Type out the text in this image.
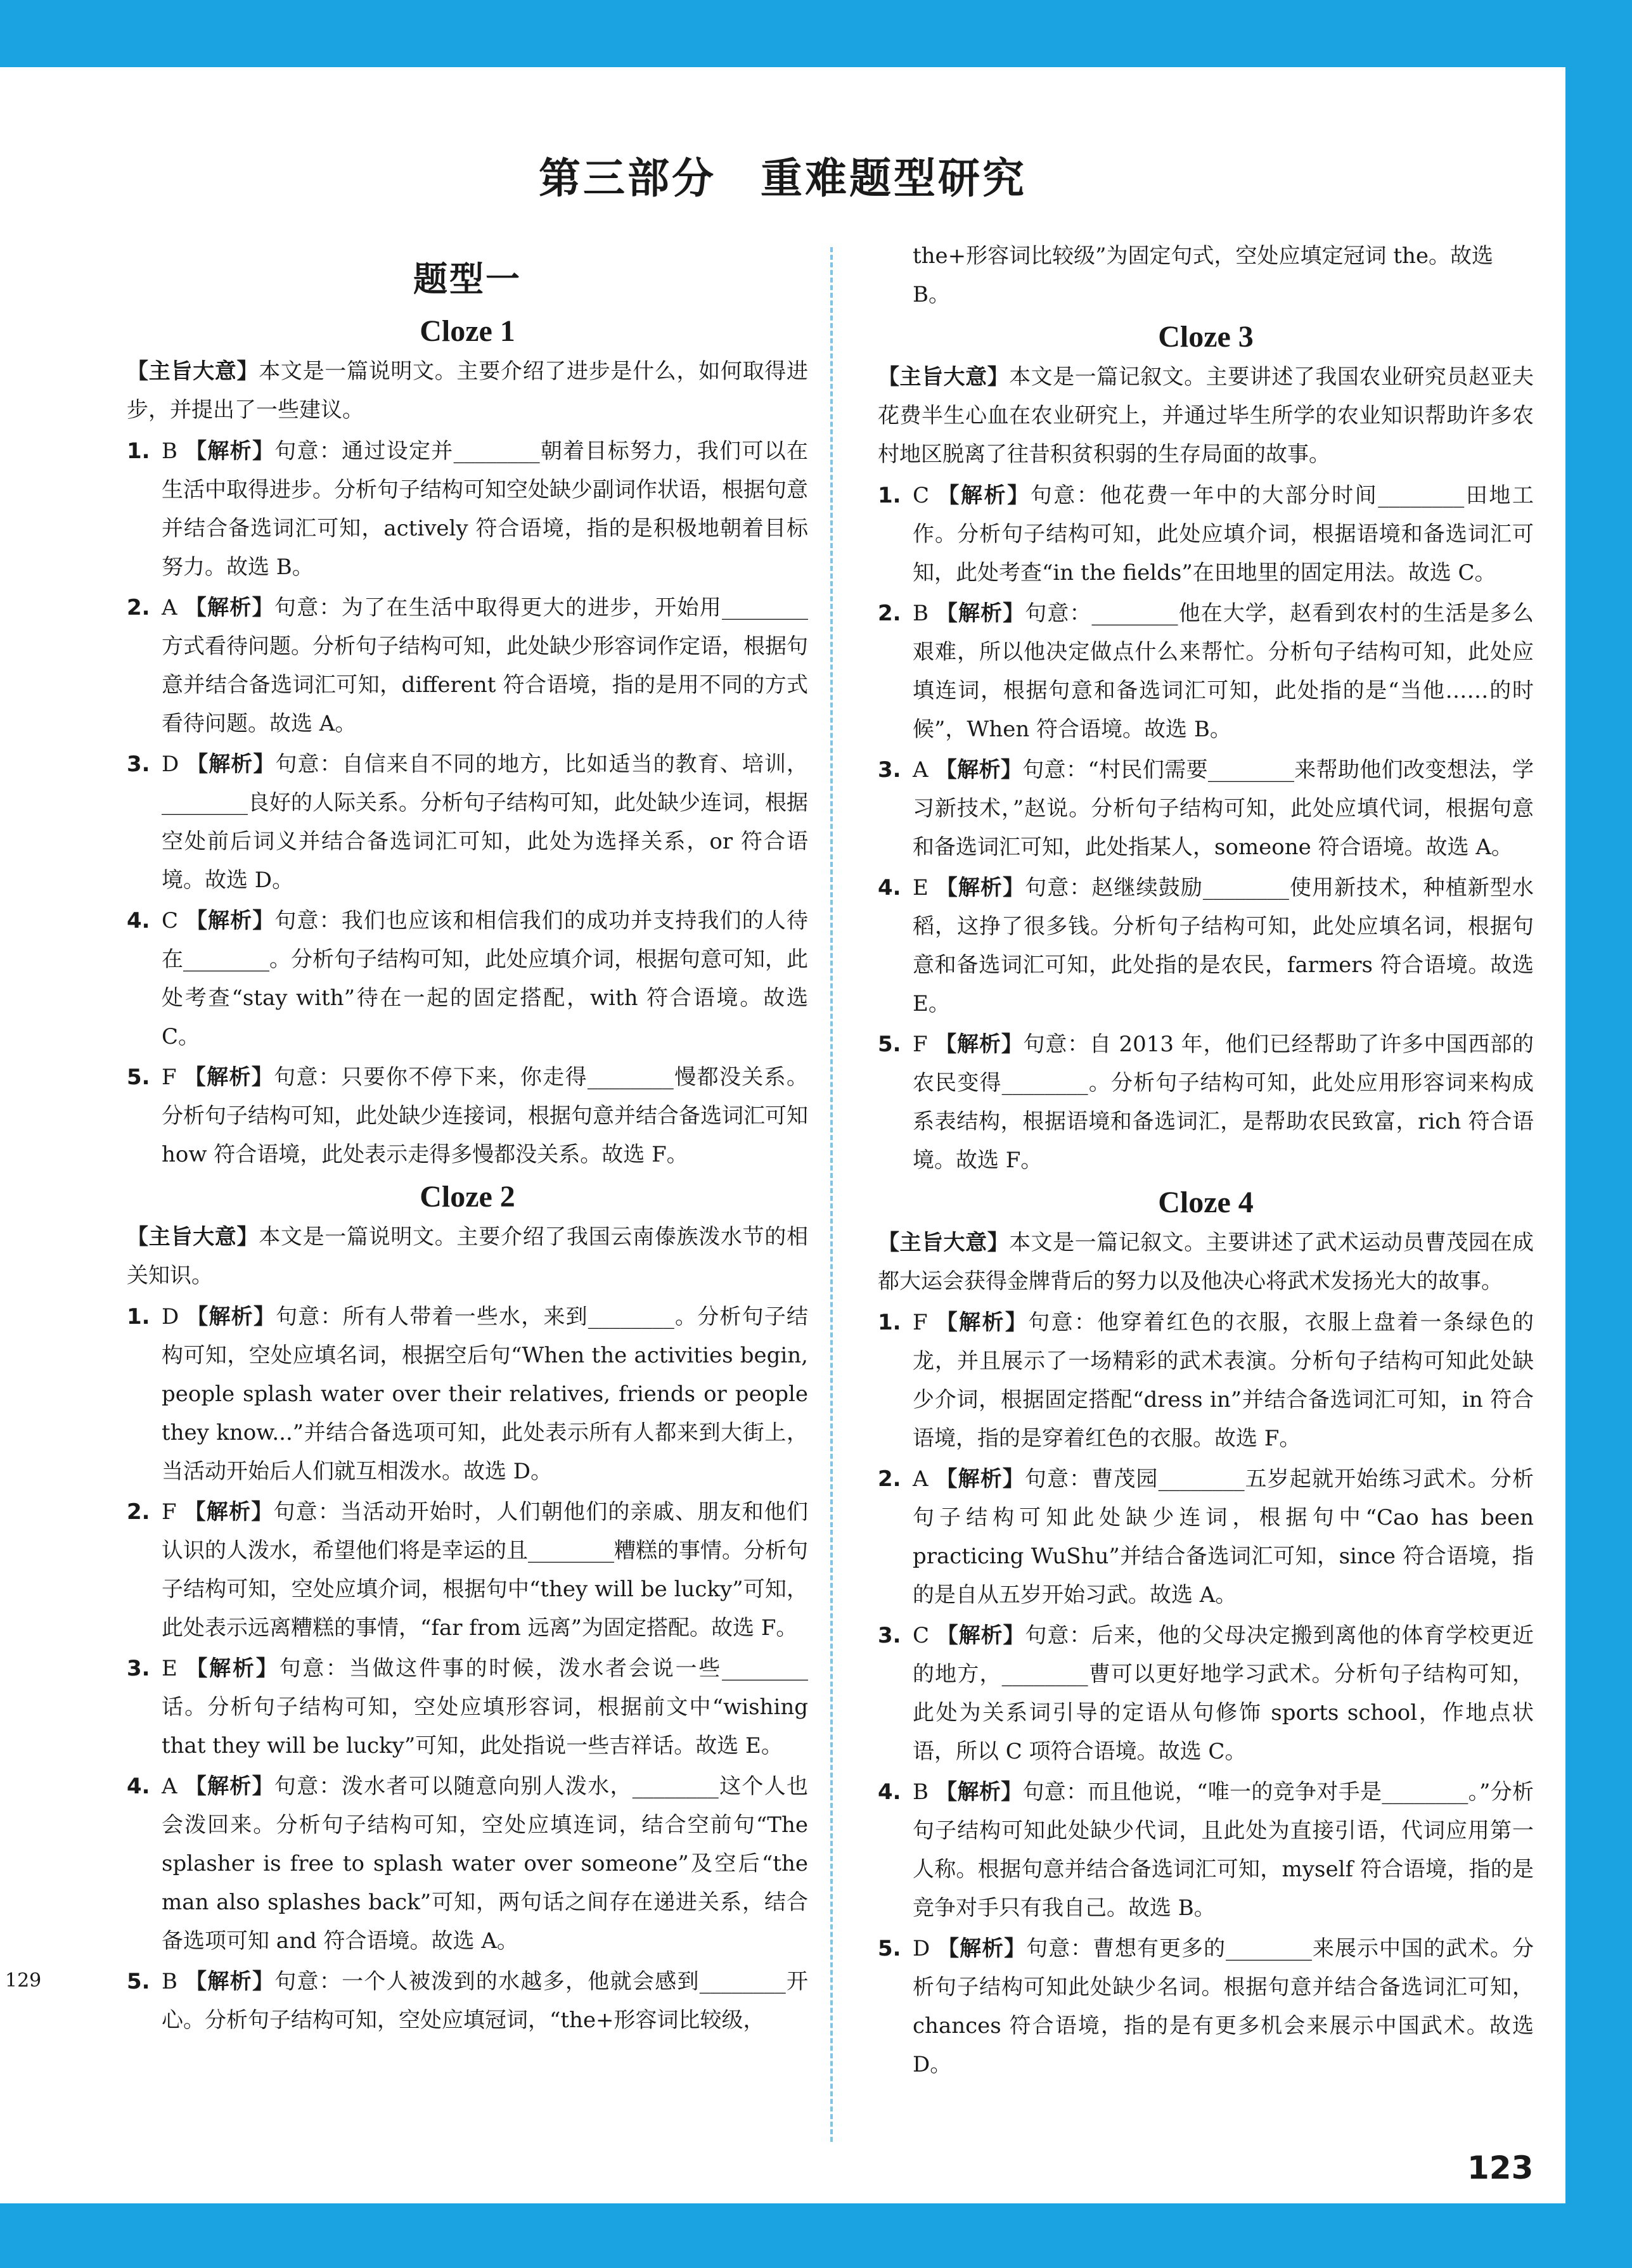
第三部分　重难题型研究
题型一
Cloze 1
【主旨大意】本文是一篇说明文。主要介绍了进步是什么，如何取得进步，并提出了一些建议。
1. B 【解析】句意：通过设定并________朝着目标努力，我们可以在生活中取得进步。分析句子结构可知空处缺少副词作状语，根据句意并结合备选词汇可知，actively 符合语境，指的是积极地朝着目标努力。故选 B。
2. A 【解析】句意：为了在生活中取得更大的进步，开始用________方式看待问题。分析句子结构可知，此处缺少形容词作定语，根据句意并结合备选词汇可知，different 符合语境，指的是用不同的方式看待问题。故选 A。
3. D 【解析】句意：自信来自不同的地方，比如适当的教育、培训，________良好的人际关系。分析句子结构可知，此处缺少连词，根据空处前后词义并结合备选词汇可知，此处为选择关系，or 符合语境。故选 D。
4. C 【解析】句意：我们也应该和相信我们的成功并支持我们的人待在________。分析句子结构可知，此处应填介词，根据句意可知，此处考查“stay with”待在一起的固定搭配，with 符合语境。故选 C。
5. F 【解析】句意：只要你不停下来，你走得________慢都没关系。分析句子结构可知，此处缺少连接词，根据句意并结合备选词汇可知 how 符合语境，此处表示走得多慢都没关系。故选 F。
Cloze 2
【主旨大意】本文是一篇说明文。主要介绍了我国云南傣族泼水节的相关知识。
1. D 【解析】句意：所有人带着一些水，来到________。分析句子结构可知，空处应填名词，根据空后句“When the activities begin, people splash water over their relatives, friends or people they know...”并结合备选项可知，此处表示所有人都来到大街上，当活动开始后人们就互相泼水。故选 D。
2. F 【解析】句意：当活动开始时，人们朝他们的亲戚、朋友和他们认识的人泼水，希望他们将是幸运的且________糟糕的事情。分析句子结构可知，空处应填介词，根据句中“they will be lucky”可知，此处表示远离糟糕的事情，“far from 远离”为固定搭配。故选 F。
3. E 【解析】句意：当做这件事的时候，泼水者会说一些________话。分析句子结构可知，空处应填形容词，根据前文中“wishing that they will be lucky”可知，此处指说一些吉祥话。故选 E。
4. A 【解析】句意：泼水者可以随意向别人泼水，________这个人也会泼回来。分析句子结构可知，空处应填连词，结合空前句“The splasher is free to splash water over someone”及空后“the man also splashes back”可知，两句话之间存在递进关系，结合备选项可知 and 符合语境。故选 A。
5. B 【解析】句意：一个人被泼到的水越多，他就会感到________开心。分析句子结构可知，空处应填冠词，“the+形容词比较级，
the+形容词比较级”为固定句式，空处应填定冠词 the。故选 B。
Cloze 3
【主旨大意】本文是一篇记叙文。主要讲述了我国农业研究员赵亚夫花费半生心血在农业研究上，并通过毕生所学的农业知识帮助许多农村地区脱离了往昔积贫积弱的生存局面的故事。
1. C 【解析】句意：他花费一年中的大部分时间________田地工作。分析句子结构可知，此处应填介词，根据语境和备选词汇可知，此处考查“in the fields”在田地里的固定用法。故选 C。
2. B 【解析】句意：________他在大学，赵看到农村的生活是多么艰难，所以他决定做点什么来帮忙。分析句子结构可知，此处应填连词，根据句意和备选词汇可知，此处指的是“当他……的时候”，When 符合语境。故选 B。
3. A 【解析】句意：“村民们需要________来帮助他们改变想法，学习新技术，”赵说。分析句子结构可知，此处应填代词，根据句意和备选词汇可知，此处指某人，someone 符合语境。故选 A。
4. E 【解析】句意：赵继续鼓励________使用新技术，种植新型水稻，这挣了很多钱。分析句子结构可知，此处应填名词，根据句意和备选词汇可知，此处指的是农民，farmers 符合语境。故选 E。
5. F 【解析】句意：自 2013 年，他们已经帮助了许多中国西部的农民变得________。分析句子结构可知，此处应用形容词来构成系表结构，根据语境和备选词汇，是帮助农民致富，rich 符合语境。故选 F。
Cloze 4
【主旨大意】本文是一篇记叙文。主要讲述了武术运动员曹茂园在成都大运会获得金牌背后的努力以及他决心将武术发扬光大的故事。
1. F 【解析】句意：他穿着红色的衣服，衣服上盘着一条绿色的龙，并且展示了一场精彩的武术表演。分析句子结构可知此处缺少介词，根据固定搭配“dress in”并结合备选词汇可知，in 符合语境，指的是穿着红色的衣服。故选 F。
2. A 【解析】句意：曹茂园________五岁起就开始练习武术。分析句子结构可知此处缺少连词，根据句中“Cao has been practicing WuShu”并结合备选词汇可知，since 符合语境，指的是自从五岁开始习武。故选 A。
3. C 【解析】句意：后来，他的父母决定搬到离他的体育学校更近的地方，________曹可以更好地学习武术。分析句子结构可知，此处为关系词引导的定语从句修饰 sports school，作地点状语，所以 C 项符合语境。故选 C。
4. B 【解析】句意：而且他说，“唯一的竞争对手是________。”分析句子结构可知此处缺少代词，且此处为直接引语，代词应用第一人称。根据句意并结合备选词汇可知，myself 符合语境，指的是竞争对手只有我自己。故选 B。
5. D 【解析】句意：曹想有更多的________来展示中国的武术。分析句子结构可知此处缺少名词。根据句意并结合备选词汇可知，chances 符合语境，指的是有更多机会来展示中国武术。故选 D。
129
123
